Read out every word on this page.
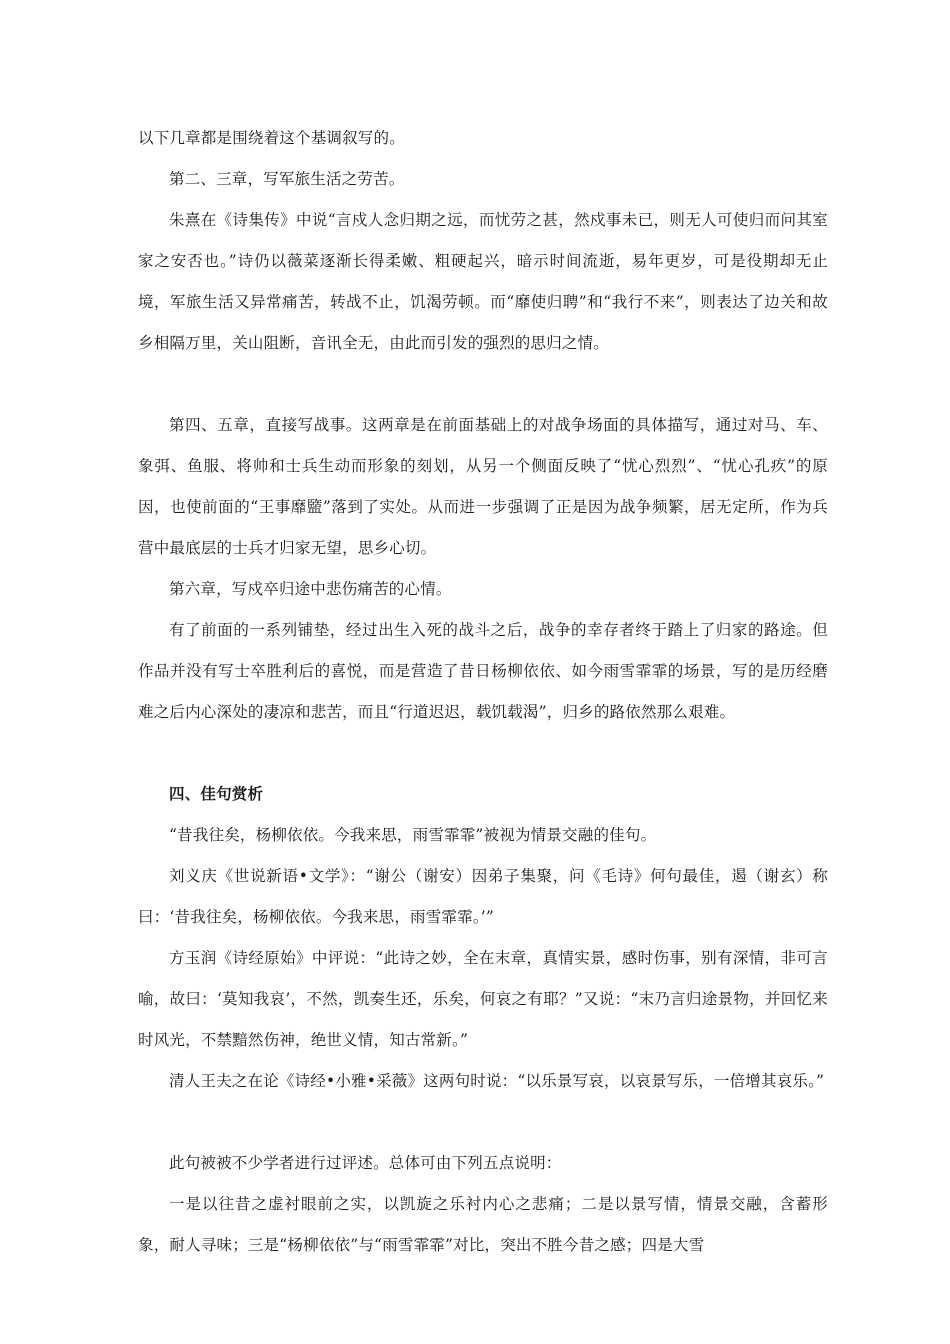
以下几章都是围绕着这个基调叙写的。

第二、三章，写军旅生活之劳苦。

朱熹在《诗集传》中说“言戍人念归期之远，而忧劳之甚，然戍事未已，则无人可使归而问其室家之安否也。”诗仍以薇菜逐渐长得柔嫩、粗硬起兴，暗示时间流逝，易年更岁，可是役期却无止境，军旅生活又异常痛苦，转战不止，饥渴劳顿。而“靡使归聘”和“我行不来”，则表达了边关和故乡相隔万里，关山阻断，音讯全无，由此而引发的强烈的思归之情。

第四、五章，直接写战事。这两章是在前面基础上的对战争场面的具体描写，通过对马、车、象弭、鱼服、将帅和士兵生动而形象的刻划，从另一个侧面反映了“忧心烈烈”、“忧心孔疚”的原因，也使前面的“王事靡盬”落到了实处。从而进一步强调了正是因为战争频繁，居无定所，作为兵营中最底层的士兵才归家无望，思乡心切。

第六章，写戍卒归途中悲伤痛苦的心情。

有了前面的一系列铺垫，经过出生入死的战斗之后，战争的幸存者终于踏上了归家的路途。但作品并没有写士卒胜利后的喜悦，而是营造了昔日杨柳依依、如今雨雪霏霏的场景，写的是历经磨难之后内心深处的凄凉和悲苦，而且“行道迟迟，载饥载渴”，归乡的路依然那么艰难。

四、佳句赏析

“昔我往矣，杨柳依依。今我来思，雨雪霏霏”被视为情景交融的佳句。

刘义庆《世说新语•文学》：“谢公（谢安）因弟子集聚，问《毛诗》何句最佳，遏（谢玄）称曰：‘昔我往矣，杨柳依依。今我来思，雨雪霏霏。’”

方玉润《诗经原始》中评说：“此诗之妙，全在末章，真情实景，感时伤事，别有深情，非可言喻，故曰：‘莫知我哀’，不然，凯奏生还，乐矣，何哀之有耶？”又说：“末乃言归途景物，并回忆来时风光，不禁黯然伤神，绝世义情，知古常新。”

清人王夫之在论《诗经•小雅•采薇》这两句时说：“以乐景写哀，以哀景写乐，一倍增其哀乐。”

此句被被不少学者进行过评述。总体可由下列五点说明：

一是以往昔之虚衬眼前之实，以凯旋之乐衬内心之悲痛；二是以景写情，情景交融，含蓄形象，耐人寻味；三是“杨柳依依”与“雨雪霏霏”对比，突出不胜今昔之感；四是大雪
